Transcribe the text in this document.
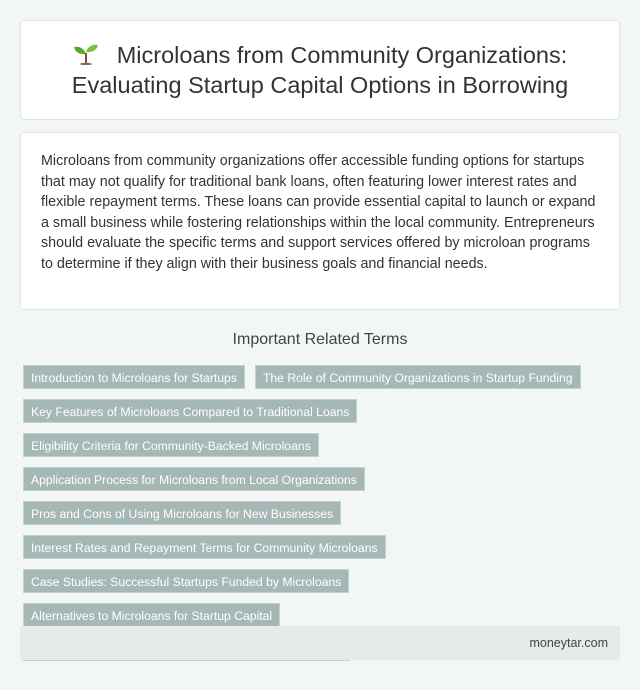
Microloans from Community Organizations: Evaluating Startup Capital Options in Borrowing

Microloans from community organizations offer accessible funding options for startups that may not qualify for traditional bank loans, often featuring lower interest rates and flexible repayment terms. These loans can provide essential capital to launch or expand a small business while fostering relationships within the local community. Entrepreneurs should evaluate the specific terms and support services offered by microloan programs to determine if they align with their business goals and financial needs.

Important Related Terms
Introduction to Microloans for Startups	The Role of Community Organizations in Startup Funding
Key Features of Microloans Compared to Traditional Loans
Eligibility Criteria for Community-Backed Microloans
Application Process for Microloans from Local Organizations
Pros and Cons of Using Microloans for New Businesses
Interest Rates and Repayment Terms for Community Microloans
Case Studies: Successful Startups Funded by Microloans
Alternatives to Microloans for Startup Capital
moneytar.com
